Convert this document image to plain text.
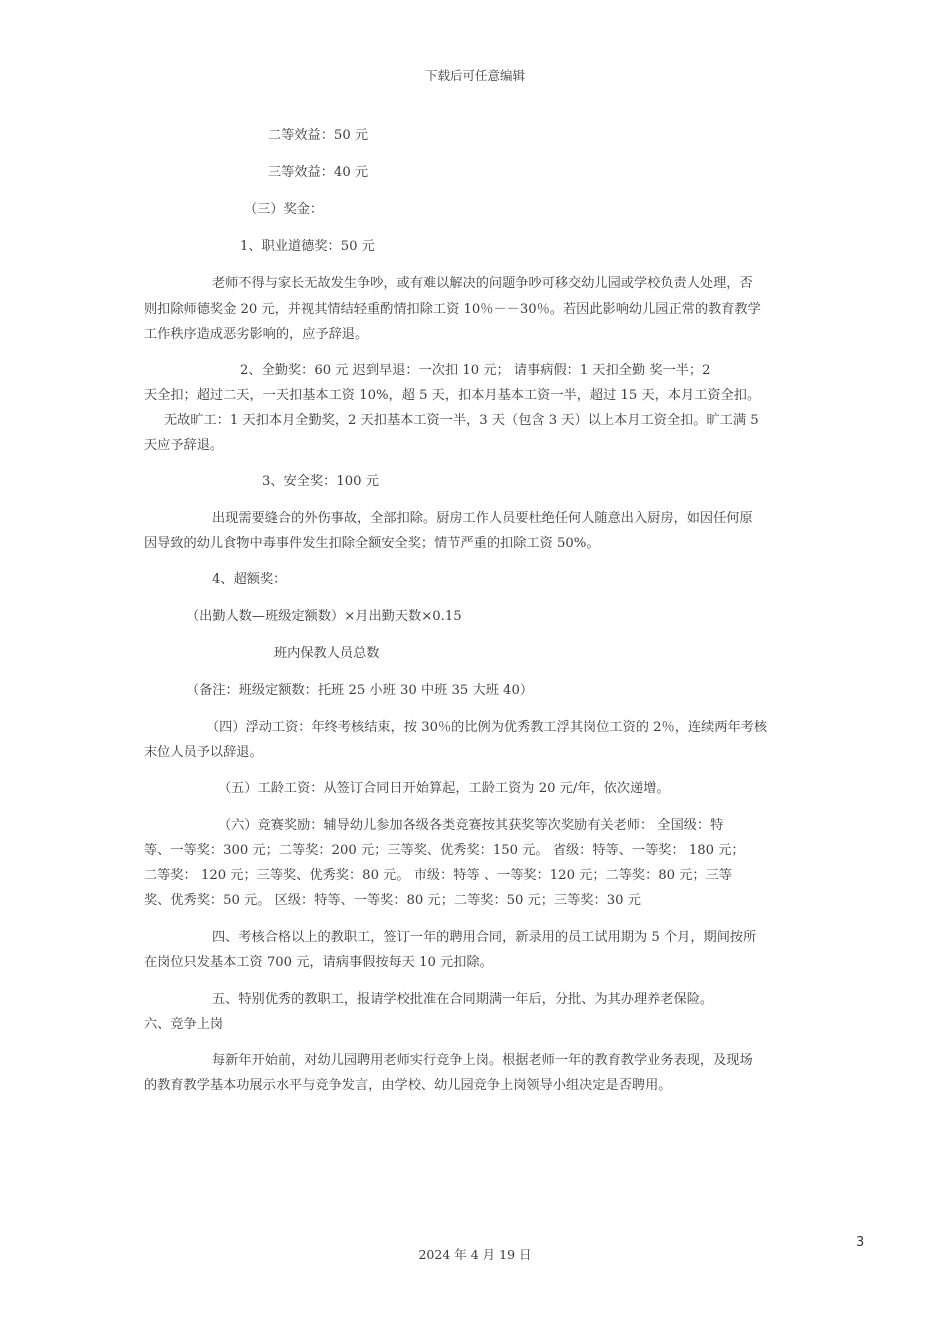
下载后可任意编辑
二等效益：50 元
三等效益：40 元
（三）奖金：
1、职业道德奖：50 元
老师不得与家长无故发生争吵，或有难以解决的问题争吵可移交幼儿园或学校负责人处理，否
则扣除师德奖金 20 元，并视其情结轻重酌情扣除工资 10％－－30％。若因此影响幼儿园正常的教育教学
工作秩序造成恶劣影响的，应予辞退。
2、全勤奖：60 元 迟到早退：一次扣 10 元； 请事病假：1 天扣全勤 奖一半；2
天全扣；超过二天，一天扣基本工资 10%，超 5 天，扣本月基本工资一半，超过 15 天，本月工资全扣。
无故旷工：1 天扣本月全勤奖，2 天扣基本工资一半，3 天（包含 3 天）以上本月工资全扣。旷工满 5
天应予辞退。
3、安全奖：100 元
出现需要缝合的外伤事故，全部扣除。厨房工作人员要杜绝任何人随意出入厨房，如因任何原
因导致的幼儿食物中毒事件发生扣除全额安全奖；情节严重的扣除工资 50%。
4、超额奖：
（出勤人数—班级定额数）×月出勤天数×0.15
班内保教人员总数
（备注：班级定额数：托班 25 小班 30 中班 35 大班 40）
（四）浮动工资：年终考核结束，按 30％的比例为优秀教工浮其岗位工资的 2％，连续两年考核
末位人员予以辞退。
（五）工龄工资：从签订合同日开始算起，工龄工资为 20 元/年，依次递增。
（六）竞赛奖励：辅导幼儿参加各级各类竞赛按其获奖等次奖励有关老师： 全国级：特
等、一等奖：300 元；二等奖：200 元；三等奖、优秀奖：150 元。 省级：特等、一等奖： 180 元；
二等奖： 120 元；三等奖、优秀奖：80 元。 市级：特等 、一等奖：120 元；二等奖：80 元；三等
奖、优秀奖：50 元。 区级：特等、一等奖：80 元；二等奖：50 元；三等奖：30 元
四、考核合格以上的教职工，签订一年的聘用合同，新录用的员工试用期为 5 个月，期间按所
在岗位只发基本工资 700 元，请病事假按每天 10 元扣除。
五、特别优秀的教职工，报请学校批准在合同期满一年后，分批、为其办理养老保险。
六、竞争上岗
每新年开始前，对幼儿园聘用老师实行竞争上岗。根据老师一年的教育教学业务表现，及现场
的教育教学基本功展示水平与竞争发言，由学校、幼儿园竞争上岗领导小组决定是否聘用。
3
2024 年 4 月 19 日
